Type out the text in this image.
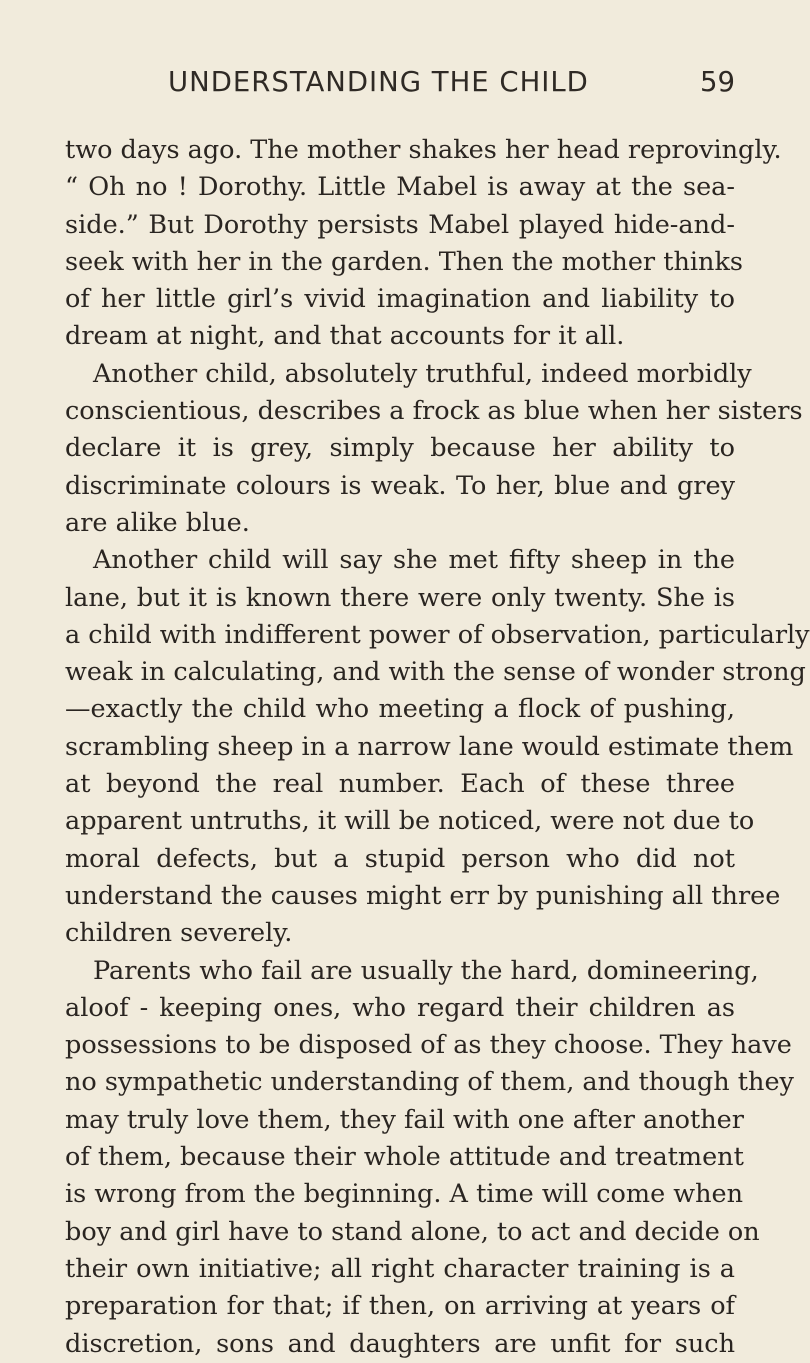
UNDERSTANDING THE CHILD	59
two days ago. The mother shakes her head reprovingly.
“ Oh no ! Dorothy. Little Mabel is away at the sea-
side.” But Dorothy persists Mabel played hide-and-
seek with her in the garden. Then the mother thinks
of her little girl’s vivid imagination and liability to
dream at night, and that accounts for it all.
Another child, absolutely truthful, indeed morbidly
conscientious, describes a frock as blue when her sisters
declare it is grey, simply because her ability to
discriminate colours is weak. To her, blue and grey
are alike blue.
Another child will say she met fifty sheep in the
lane, but it is known there were only twenty. She is
a child with indifferent power of observation, particularly
weak in calculating, and with the sense of wonder strong
—exactly the child who meeting a flock of pushing,
scrambling sheep in a narrow lane would estimate them
at beyond the real number. Each of these three
apparent untruths, it will be noticed, were not due to
moral defects, but a stupid person who did not
understand the causes might err by punishing all three
children severely.
Parents who fail are usually the hard, domineering,
aloof - keeping ones, who regard their children as
possessions to be disposed of as they choose. They have
no sympathetic understanding of them, and though they
may truly love them, they fail with one after another
of them, because their whole attitude and treatment
is wrong from the beginning. A time will come when
boy and girl have to stand alone, to act and decide on
their own initiative; all right character training is a
preparation for that; if then, on arriving at years of
discretion, sons and daughters are unfit for such
